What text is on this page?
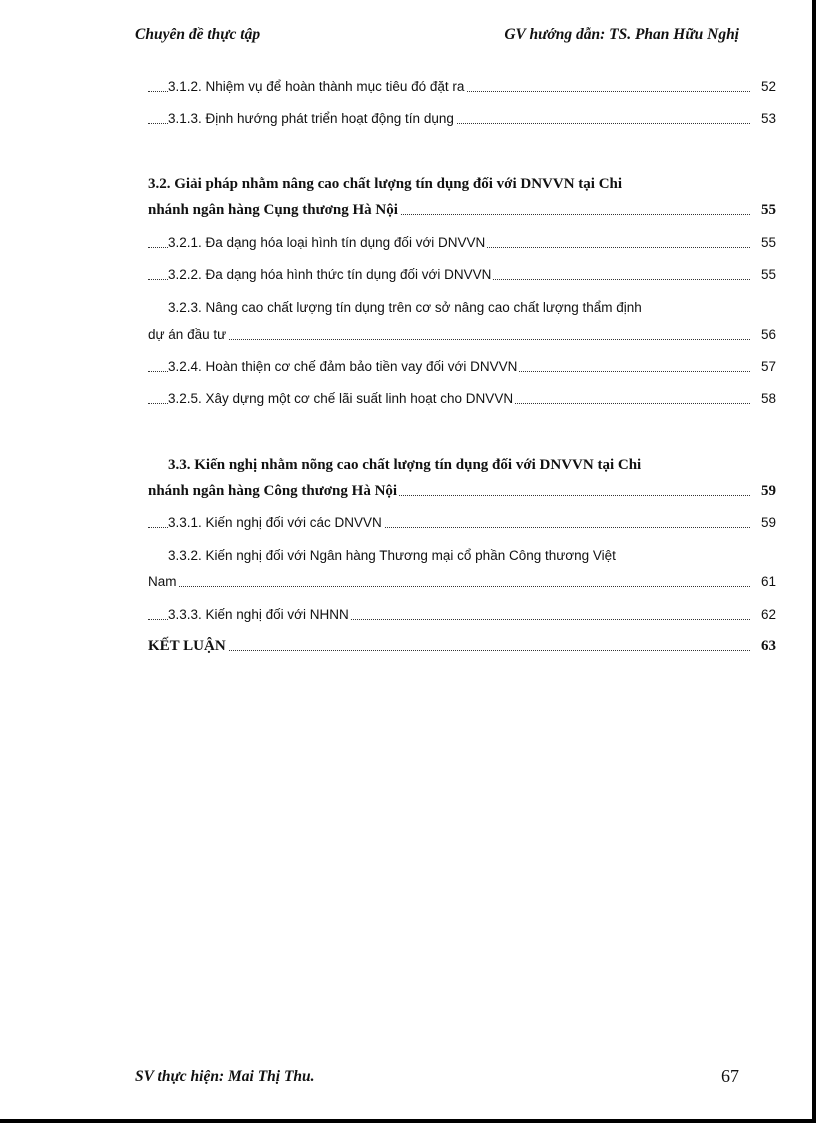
Chuyên đề thực tập	GV hướng dẫn: TS. Phan Hữu Nghị
3.1.2. Nhiệm vụ để hoàn thành mục tiêu đó đặt ra	52
3.1.3. Định hướng phát triển hoạt động tín dụng	53
3.2. Giải pháp nhằm nâng cao chất lượng tín dụng đối với DNVVN tại Chi
nhánh ngân hàng Cụng thương Hà Nội	55
3.2.1. Đa dạng hóa loại hình tín dụng đối với DNVVN	55
3.2.2. Đa dạng hóa hình thức tín dụng đối với DNVVN	55
3.2.3. Nâng cao chất lượng tín dụng trên cơ sở nâng cao chất lượng thẩm định
dự án đầu tư	56
3.2.4. Hoàn thiện cơ chế đảm bảo tiền vay đối với DNVVN	57
3.2.5. Xây dựng một cơ chế lãi suất linh hoạt cho DNVVN	58
3.3. Kiến nghị nhằm nõng cao chất lượng tín dụng đối với DNVVN tại Chi
nhánh ngân hàng Công thương Hà Nội	59
3.3.1. Kiến nghị đối với các DNVVN	59
3.3.2. Kiến nghị đối với Ngân hàng Thương mại cổ phần Công thương Việt
Nam	61
3.3.3. Kiến nghị đối với NHNN	62
KẾT LUẬN	63
SV thực hiện: Mai Thị Thu.	67
